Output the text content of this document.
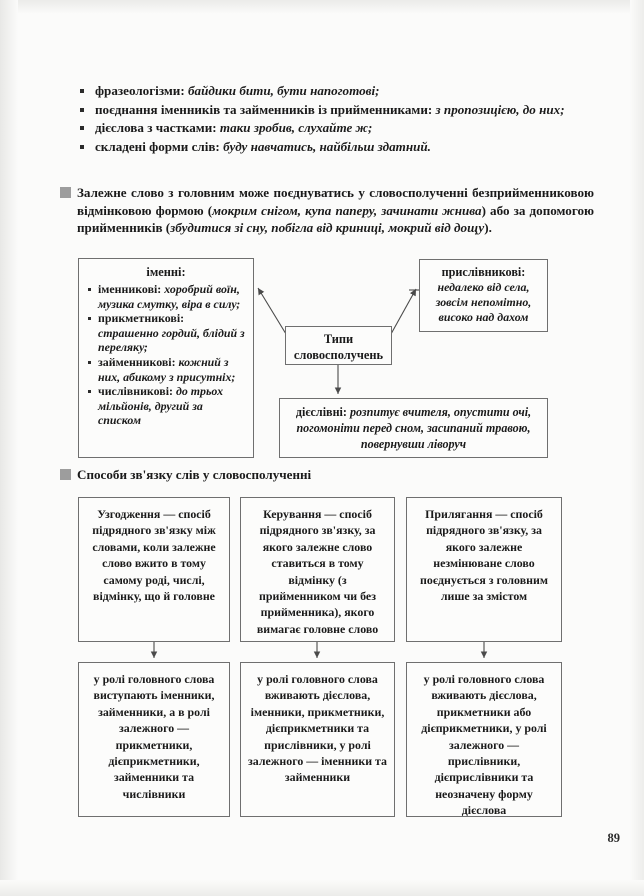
фразеологізми: байдики бити, бути напоготові;
поєднання іменників та займенників із прийменниками: з пропозицією, до них;
дієслова з частками: таки зробив, слухайте ж;
складені форми слів: буду навчатись, найбільш здатний.
Залежне слово з головним може поєднуватись у словосполученні безприйменниковою відмінковою формою (мокрим снігом, купа паперу, зачинати жнива) або за допомогою прийменників (збудитися зі сну, побігла від криниці, мокрий від дощу).
іменні:
іменникові: хоробрий воїн, музика смутку, віра в силу;
прикметникові: страшенно гордий, блідий з переляку;
займенникові: кожний з них, абикому з присутніх;
числівникові: до трьох мільйонів, другий за списком
прислівникові:
недалеко від села,
зовсім непомітно,
високо над дахом
Типи словосполучень
дієслівні: розпитує вчителя, опустити очі, погомоніти перед сном, засипаний травою, повернувши ліворуч
Способи зв'язку слів у словосполученні
Узгодження — спосіб підрядного зв'язку між словами, коли залежне слово вжито в тому самому роді, числі, відмінку, що й головне
Керування — спосіб підрядного зв'язку, за якого залежне слово ставиться в тому відмінку (з прийменником чи без прийменника), якого вимагає головне слово
Прилягання — спосіб підрядного зв'язку, за якого залежне незмінюване слово поєднується з головним лише за змістом
у ролі головного слова виступають іменники, займенники, а в ролі залежного — прикметники, дієприкметники, займенники та числівники
у ролі головного слова вживають дієслова, іменники, прикметники, дієприкметники та прислівники, у ролі залежного — іменники та займенники
у ролі головного слова вживають дієслова, прикметники або дієприкметники, у ролі залежного — прислівники, дієприслівники та неозначену форму дієслова
89
